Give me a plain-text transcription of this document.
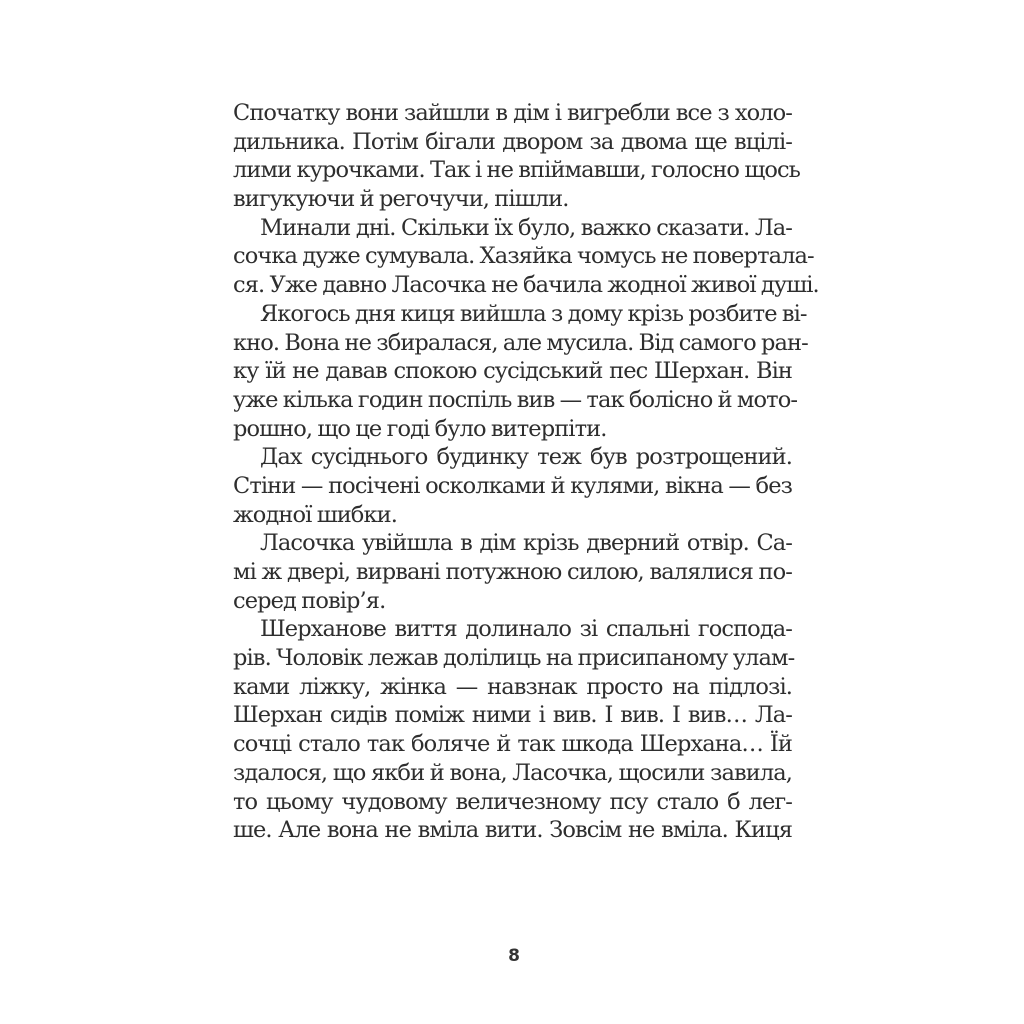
Спочатку вони зайшли в дім і вигребли все з холо-
дильника. Потім бігали двором за двома ще вцілі-
лими курочками. Так і не впіймавши, голосно щось
вигукуючи й регочучи, пішли.
Минали дні. Скільки їх було, важко сказати. Ла-
сочка дуже сумувала. Хазяйка чомусь не повертала-
ся. Уже давно Ласочка не бачила жодної живої душі.
Якогось дня киця вийшла з дому крізь розбите ві-
кно. Вона не збиралася, але мусила. Від самого ран-
ку їй не давав спокою сусідський пес Шерхан. Він
уже кілька годин поспіль вив — так болісно й мото-
рошно, що це годі було витерпіти.
Дах сусіднього будинку теж був розтрощений.
Стіни — посічені осколками й кулями, вікна — без
жодної шибки.
Ласочка увійшла в дім крізь дверний отвір. Са-
мі ж двері, вирвані потужною силою, валялися по-
серед повір’я.
Шерханове виття долинало зі спальні господа-
рів. Чоловік лежав долілиць на присипаному улам-
ками ліжку, жінка — навзнак просто на підлозі.
Шерхан сидів поміж ними і вив. І вив. І вив… Ла-
сочці стало так боляче й так шкода Шерхана… Їй
здалося, що якби й вона, Ласочка, щосили завила,
то цьому чудовому величезному псу стало б лег-
ше. Але вона не вміла вити. Зовсім не вміла. Киця
8
